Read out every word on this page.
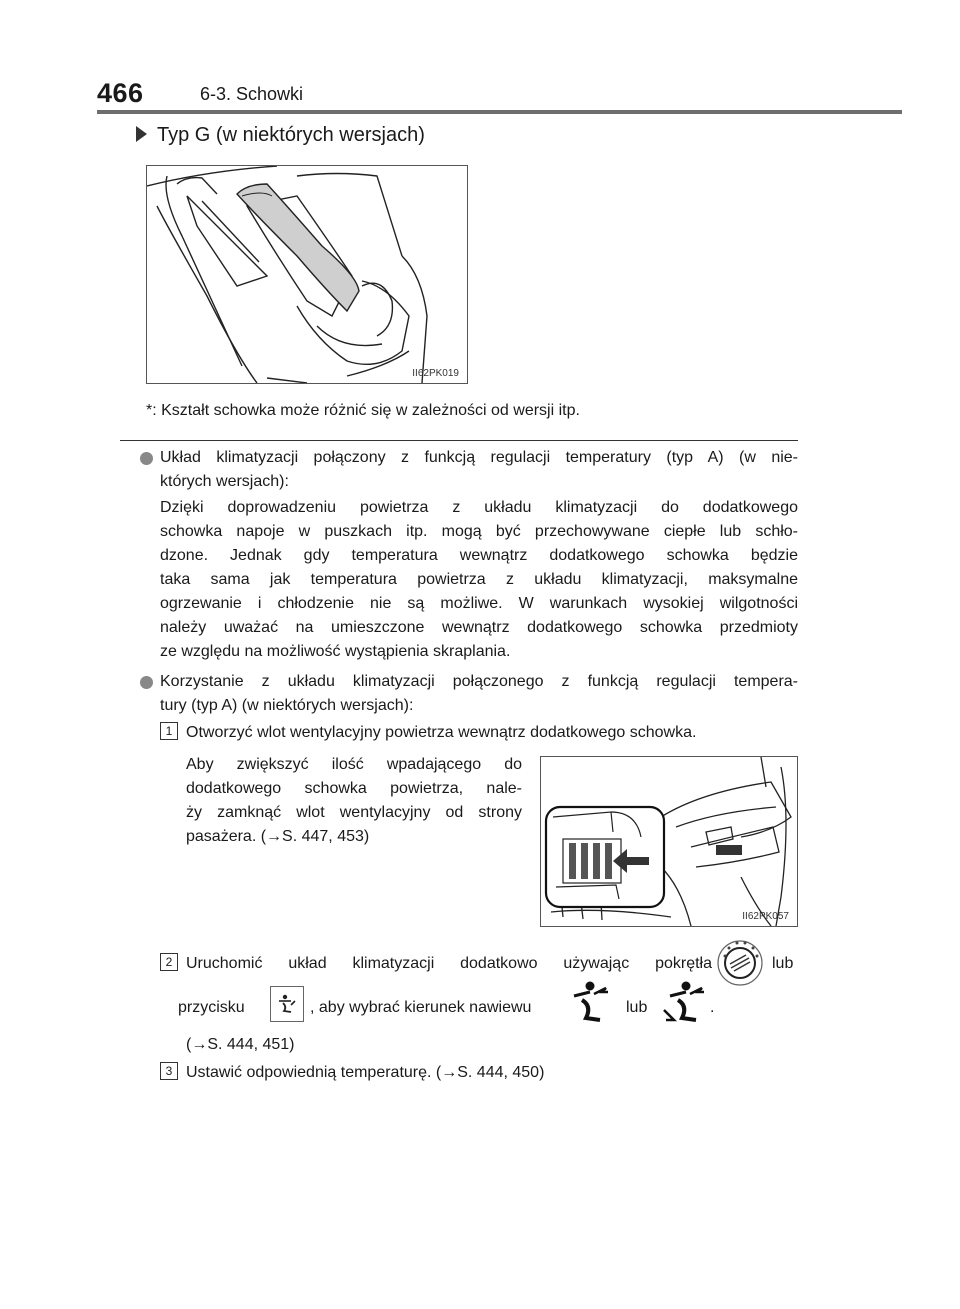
466	6-3. Schowki
Typ G (w niektórych wersjach)
II62PK019
*: Kształt schowka może różnić się w zależności od wersji itp.
Układ klimatyzacji połączony z funkcją regulacji temperatury (typ A) (w nie-
których wersjach):
Dzięki doprowadzeniu powietrza z układu klimatyzacji do dodatkowego
schowka napoje w puszkach itp. mogą być przechowywane ciepłe lub schło-
dzone. Jednak gdy temperatura wewnątrz dodatkowego schowka będzie
taka sama jak temperatura powietrza z układu klimatyzacji, maksymalne
ogrzewanie i chłodzenie nie są możliwe. W warunkach wysokiej wilgotności
należy uważać na umieszczone wewnątrz dodatkowego schowka przedmioty
ze względu na możliwość wystąpienia skraplania.
Korzystanie z układu klimatyzacji połączonego z funkcją regulacji tempera-
tury (typ A) (w niektórych wersjach):
1 Otworzyć wlot wentylacyjny powietrza wewnątrz dodatkowego schowka.
Aby zwiększyć ilość wpadającego do
dodatkowego schowka powietrza, nale-
ży zamknąć wlot wentylacyjny od strony
pasażera. (→S. 447, 453)
II62PK057
2 Uruchomić układ klimatyzacji dodatkowo używając pokrętła	lub
przycisku	, aby wybrać kierunek nawiewu	lub	.
(→S. 444, 451)
3 Ustawić odpowiednią temperaturę. (→S. 444, 450)
